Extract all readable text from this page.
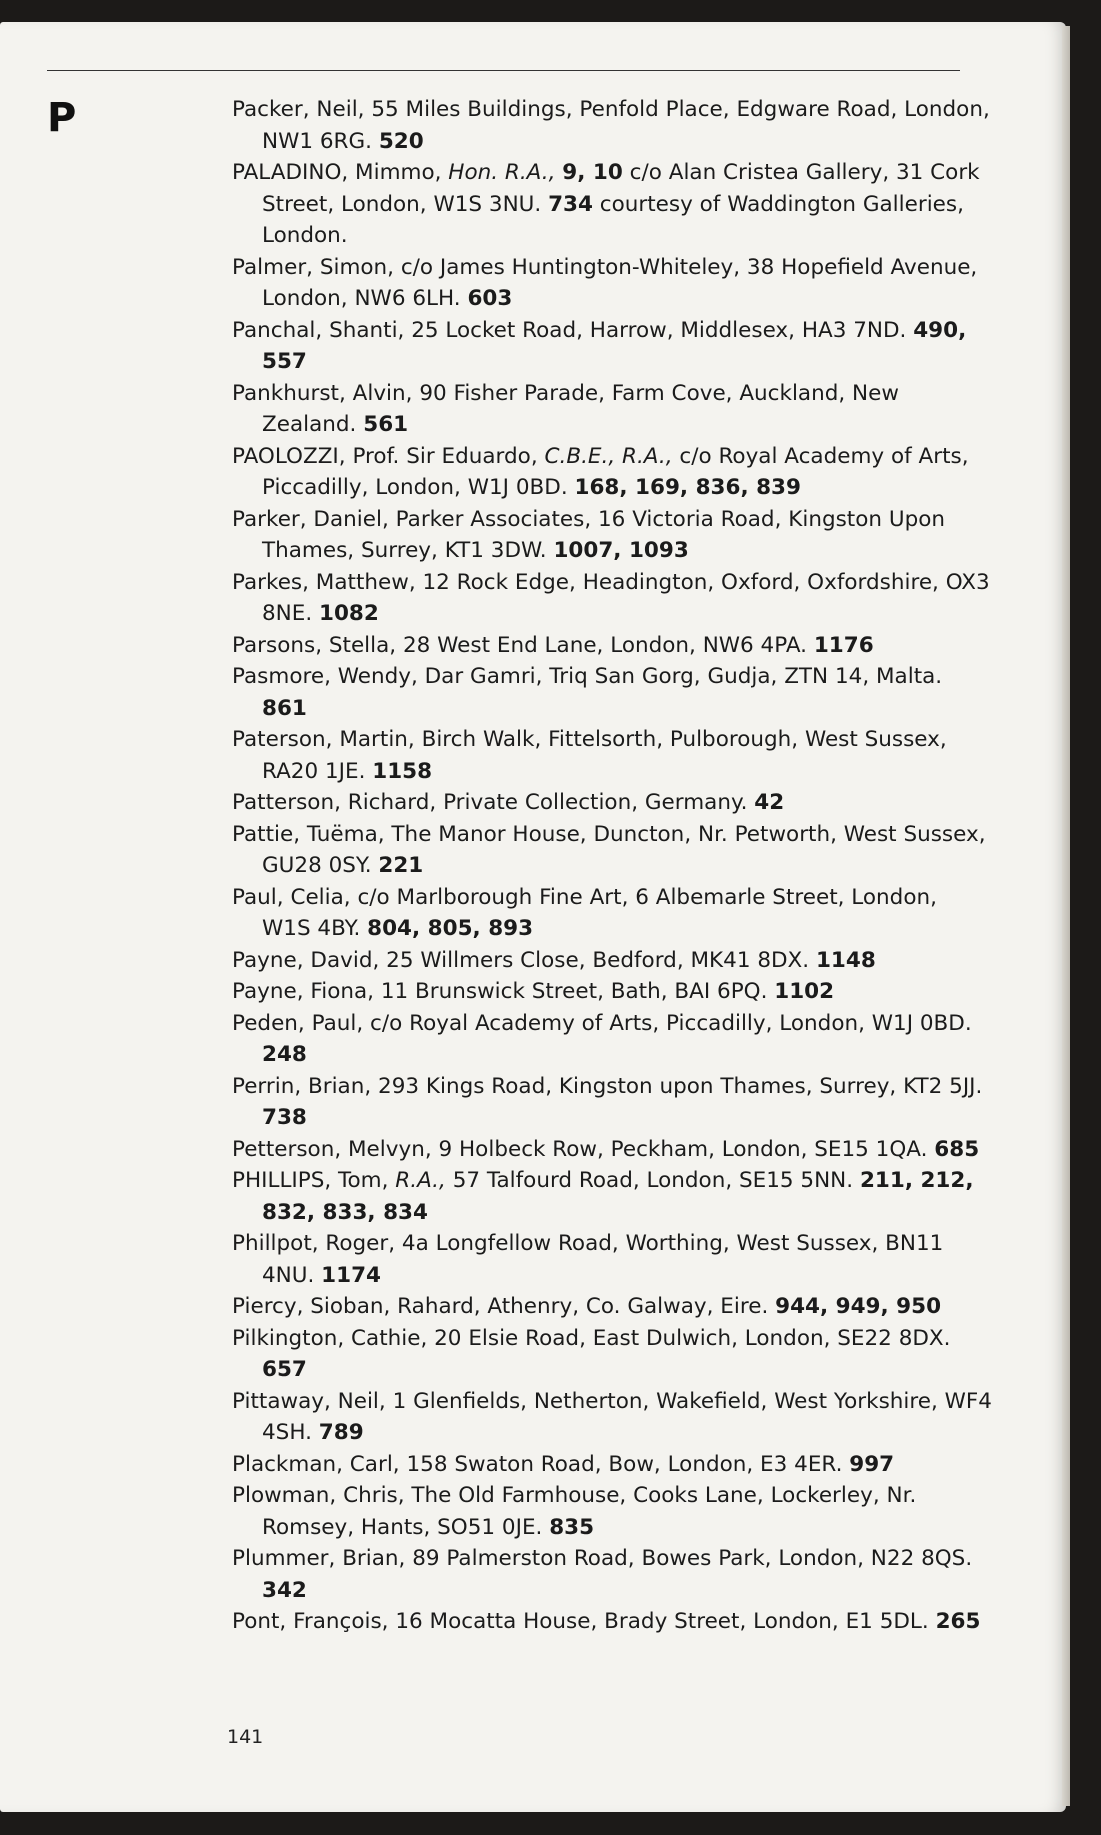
P	Packer, Neil, 55 Miles Buildings, Penfold Place, Edgware Road, London, NW1 6RG. 520
PALADINO, Mimmo, Hon. R.A., 9, 10 c/o Alan Cristea Gallery, 31 Cork Street, London, W1S 3NU. 734 courtesy of Waddington Galleries, London.
Palmer, Simon, c/o James Huntington-Whiteley, 38 Hopefield Avenue, London, NW6 6LH. 603
Panchal, Shanti, 25 Locket Road, Harrow, Middlesex, HA3 7ND. 490, 557
Pankhurst, Alvin, 90 Fisher Parade, Farm Cove, Auckland, New Zealand. 561
PAOLOZZI, Prof. Sir Eduardo, C.B.E., R.A., c/o Royal Academy of Arts, Piccadilly, London, W1J 0BD. 168, 169, 836, 839
Parker, Daniel, Parker Associates, 16 Victoria Road, Kingston Upon Thames, Surrey, KT1 3DW. 1007, 1093
Parkes, Matthew, 12 Rock Edge, Headington, Oxford, Oxfordshire, OX3 8NE. 1082
Parsons, Stella, 28 West End Lane, London, NW6 4PA. 1176
Pasmore, Wendy, Dar Gamri, Triq San Gorg, Gudja, ZTN 14, Malta. 861
Paterson, Martin, Birch Walk, Fittelsorth, Pulborough, West Sussex, RA20 1JE. 1158
Patterson, Richard, Private Collection, Germany. 42
Pattie, Tuëma, The Manor House, Duncton, Nr. Petworth, West Sussex, GU28 0SY. 221
Paul, Celia, c/o Marlborough Fine Art, 6 Albemarle Street, London, W1S 4BY. 804, 805, 893
Payne, David, 25 Willmers Close, Bedford, MK41 8DX. 1148
Payne, Fiona, 11 Brunswick Street, Bath, BAI 6PQ. 1102
Peden, Paul, c/o Royal Academy of Arts, Piccadilly, London, W1J 0BD. 248
Perrin, Brian, 293 Kings Road, Kingston upon Thames, Surrey, KT2 5JJ. 738
Petterson, Melvyn, 9 Holbeck Row, Peckham, London, SE15 1QA. 685
PHILLIPS, Tom, R.A., 57 Talfourd Road, London, SE15 5NN. 211, 212, 832, 833, 834
Phillpot, Roger, 4a Longfellow Road, Worthing, West Sussex, BN11 4NU. 1174
Piercy, Sioban, Rahard, Athenry, Co. Galway, Eire. 944, 949, 950
Pilkington, Cathie, 20 Elsie Road, East Dulwich, London, SE22 8DX. 657
Pittaway, Neil, 1 Glenfields, Netherton, Wakefield, West Yorkshire, WF4 4SH. 789
Plackman, Carl, 158 Swaton Road, Bow, London, E3 4ER. 997
Plowman, Chris, The Old Farmhouse, Cooks Lane, Lockerley, Nr. Romsey, Hants, SO51 0JE. 835
Plummer, Brian, 89 Palmerston Road, Bowes Park, London, N22 8QS. 342
Pont, François, 16 Mocatta House, Brady Street, London, E1 5DL. 265
141
